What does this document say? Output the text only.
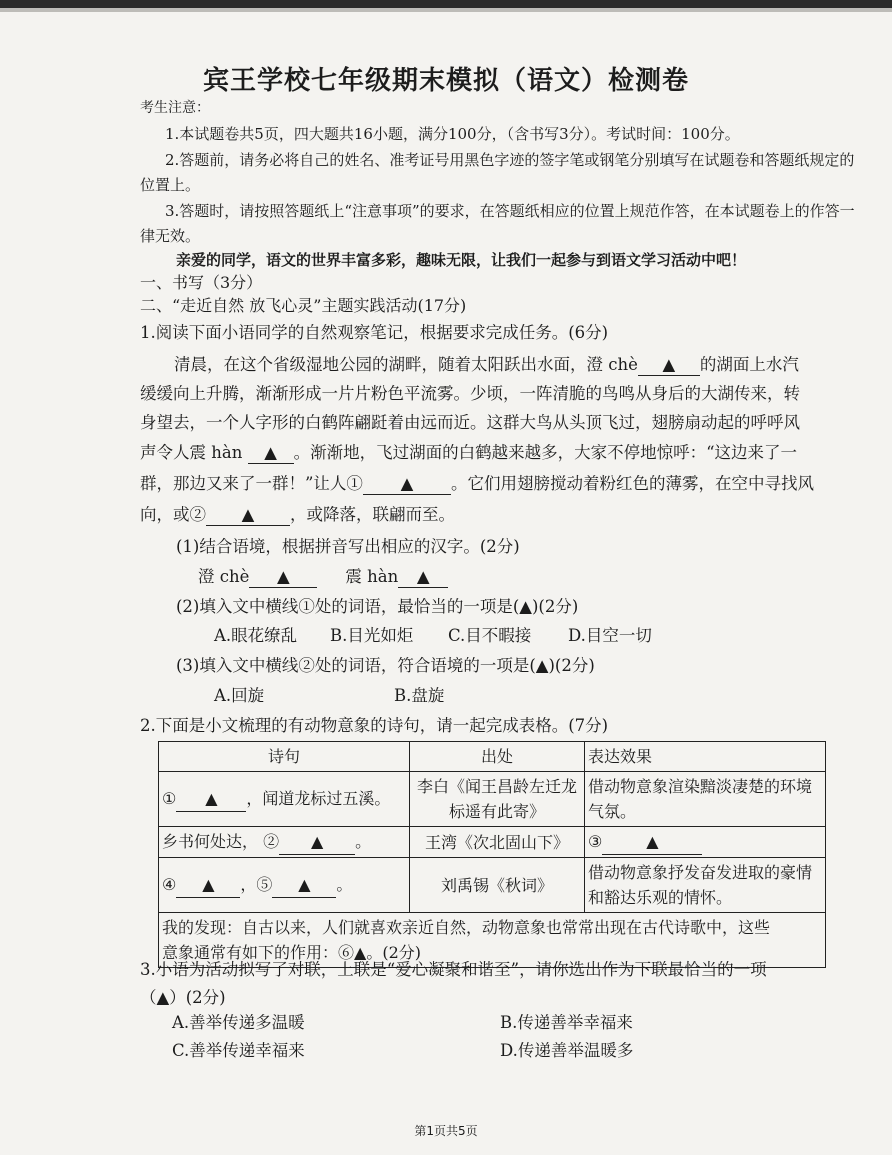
宾王学校七年级期末模拟（语文）检测卷
考生注意：
1.本试题卷共5页，四大题共16小题，满分100分，（含书写3分）。考试时间：100分。
2.答题前，请务必将自己的姓名、准考证号用黑色字迹的签字笔或钢笔分别填写在试题卷和答题纸规定的
位置上。
3.答题时，请按照答题纸上“注意事项”的要求，在答题纸相应的位置上规范作答，在本试题卷上的作答一
律无效。
亲爱的同学，语文的世界丰富多彩，趣味无限，让我们一起参与到语文学习活动中吧！
一、书写（3分）
二、“走近自然 放飞心灵”主题实践活动(17分)
1.阅读下面小语同学的自然观察笔记，根据要求完成任务。(6分)
清晨，在这个省级湿地公园的湖畔，随着太阳跃出水面，澄 chè ▲ 的湖面上水汽
缓缓向上升腾，渐渐形成一片片粉色平流雾。少顷，一阵清脆的鸟鸣从身后的大湖传来，转
身望去，一个人字形的白鹤阵翩跹着由远而近。这群大鸟从头顶飞过，翅膀扇动起的呼呼风
声令人震 hàn ▲ 。渐渐地，飞过湖面的白鹤越来越多，大家不停地惊呼：“这边来了一
群，那边又来了一群！”让人① ▲ 。它们用翅膀搅动着粉红色的薄雾，在空中寻找风
向，或② ▲ ，或降落，联翩而至。
(1)结合语境，根据拼音写出相应的汉字。(2分)
澄 chè ▲	震 hàn ▲
(2)填入文中横线①处的词语，最恰当的一项是(▲)(2分)
A.眼花缭乱 B.目光如炬 C.目不暇接 D.目空一切
(3)填入文中横线②处的词语，符合语境的一项是(▲)(2分)
A.回旋	B.盘旋
2.下面是小文梳理的有动物意象的诗句，请一起完成表格。(7分)
诗句	出处	表达效果
① ▲ ，闻道龙标过五溪。	李白《闻王昌龄左迁龙标遥有此寄》	借动物意象渲染黯淡凄楚的环境气氛。
乡书何处达， ② ▲ 。	王湾《次北固山下》	③ ▲
④ ▲ ，⑤ ▲ 。	刘禹锡《秋词》	借动物意象抒发奋发进取的豪情和豁达乐观的情怀。
我的发现：自古以来，人们就喜欢亲近自然，动物意象也常常出现在古代诗歌中，这些
意象通常有如下的作用：⑥▲。(2分)		
3.小语为活动拟写了对联，上联是“爱心凝聚和谐至”，请你选出作为下联最恰当的一项
（▲）(2分)
A.善举传递多温暖	B.传递善举幸福来
C.善举传递幸福来	D.传递善举温暖多
第1页共5页
